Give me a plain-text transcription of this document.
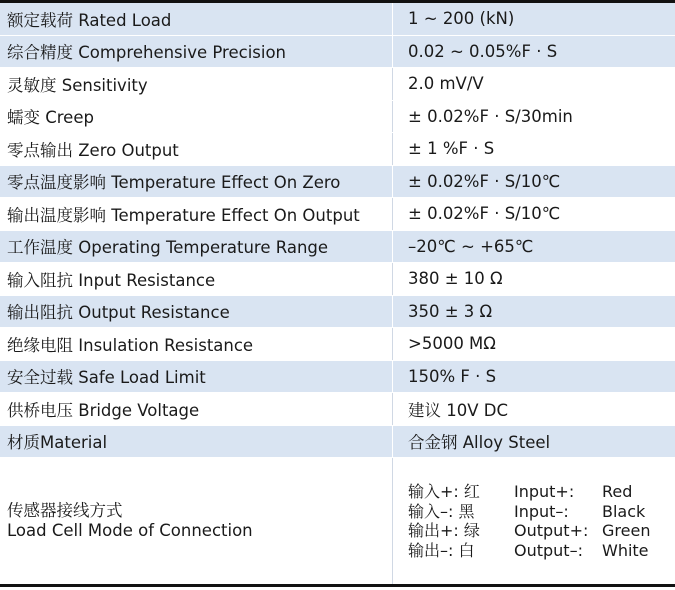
额定载荷 Rated Load	1 ~ 200 (kN)
综合精度 Comprehensive Precision	0.02 ~ 0.05%F · S
灵敏度 Sensitivity	2.0 mV/V
蠕变 Creep	± 0.02%F · S/30min
零点输出 Zero Output	± 1 %F · S
零点温度影响 Temperature Effect On Zero	± 0.02%F · S/10℃
输出温度影响 Temperature Effect On Output	± 0.02%F · S/10℃
工作温度 Operating Temperature Range	–20℃ ~ +65℃
输入阻抗 Input Resistance	380 ± 10 Ω
输出阻抗 Output Resistance	350 ± 3 Ω
绝缘电阻 Insulation Resistance	>5000 MΩ
安全过载 Safe Load Limit	150% F · S
供桥电压 Bridge Voltage	建议 10V DC
材质Material	合金钢 Alloy Steel
传感器接线方式
Load Cell Mode of Connection
输入+: 红	Input+:	Red
输入–: 黑	Input–:	Black
输出+: 绿	Output+: Green
输出–: 白	Output–:	White
